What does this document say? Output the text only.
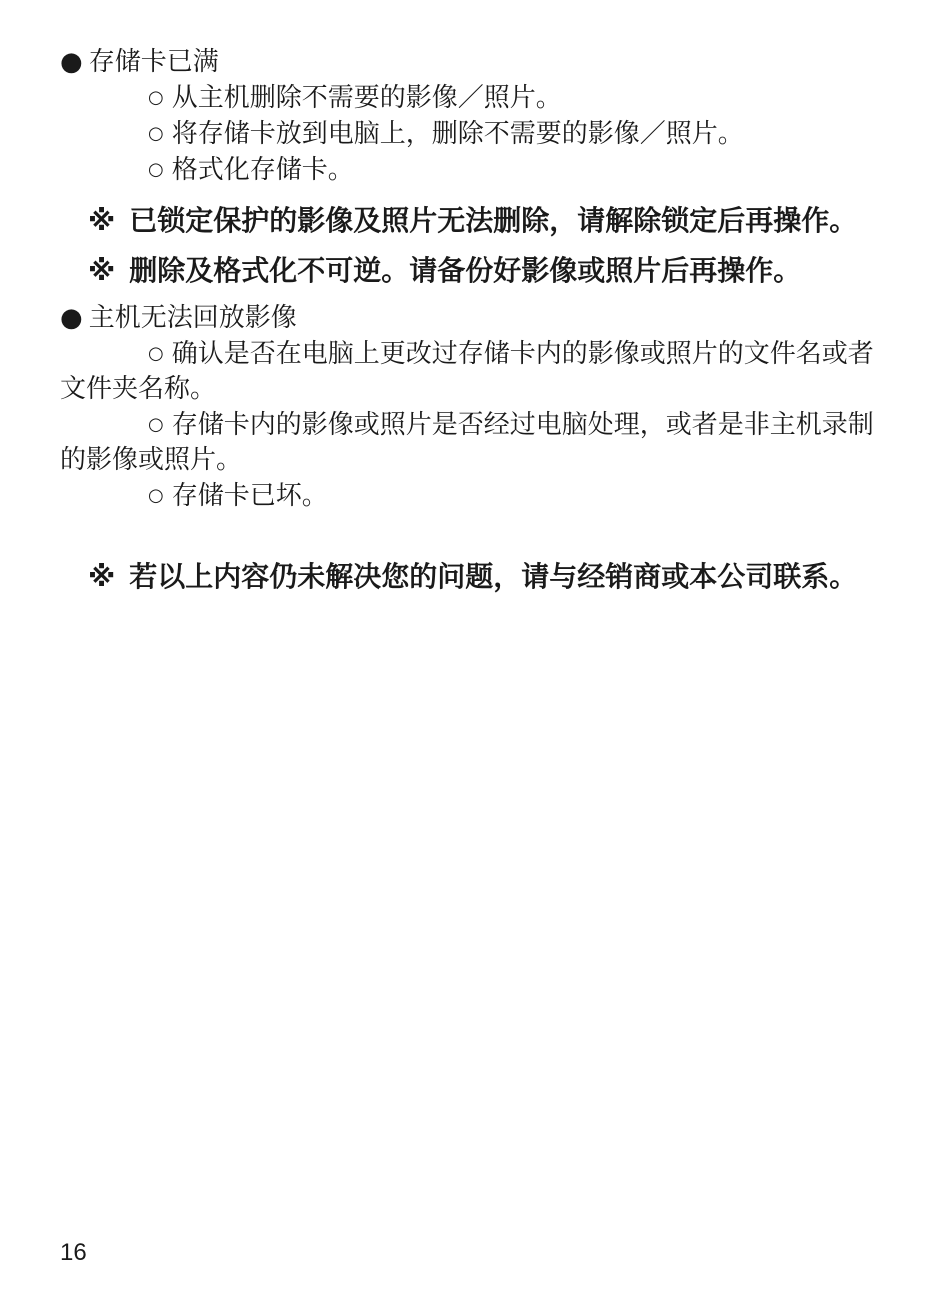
● 存储卡已满

○ 从主机删除不需要的影像／照片。

○ 将存储卡放到电脑上，删除不需要的影像／照片。

○ 格式化存储卡。

※ 已锁定保护的影像及照片无法删除，请解除锁定后再操作。

※ 删除及格式化不可逆。请备份好影像或照片后再操作。

● 主机无法回放影像

○ 确认是否在电脑上更改过存储卡内的影像或照片的文件名或者文件夹名称。

○ 存储卡内的影像或照片是否经过电脑处理，或者是非主机录制的影像或照片。

○ 存储卡已坏。

※ 若以上内容仍未解决您的问题，请与经销商或本公司联系。

16
